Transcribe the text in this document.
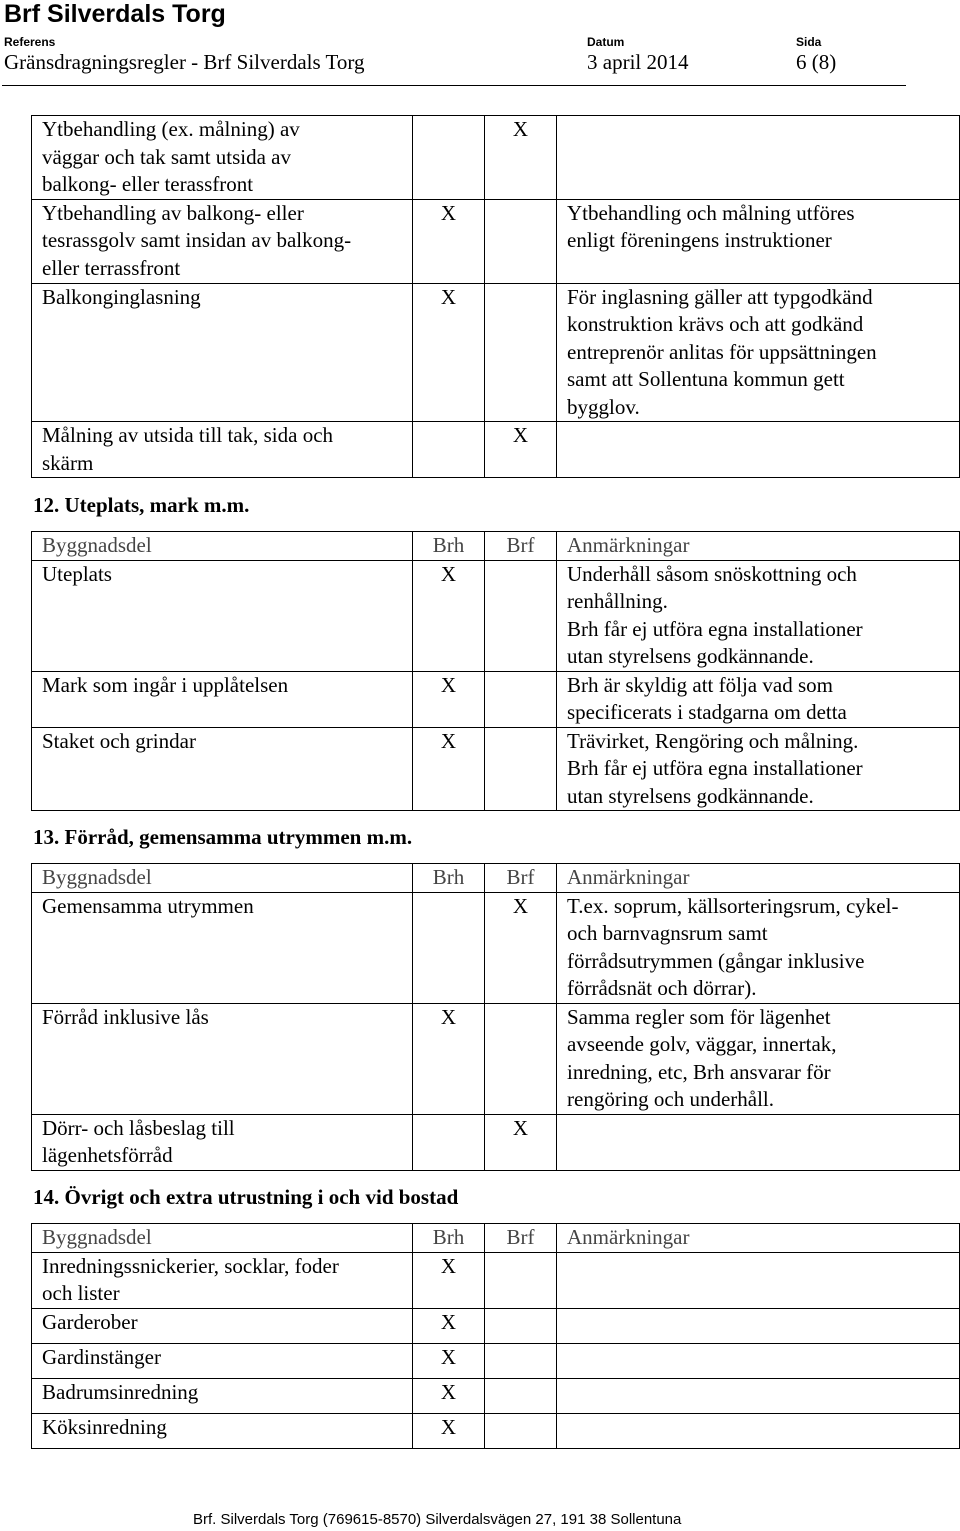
Brf Silverdals Torg
Referens	Datum	Sida
Gränsdragningsregler - Brf Silverdals Torg	3 april 2014	6 (8)
Ytbehandling (ex. målning) av
väggar och tak samt utsida av
balkong- eller terassfront		X	
Ytbehandling av balkong- eller
tesrassgolv samt insidan av balkong-
eller terrassfront	X		Ytbehandling och målning utföres
enligt föreningens instruktioner
Balkonginglasning	X		För inglasning gäller att typgodkänd
konstruktion krävs och att godkänd
entreprenör anlitas för uppsättningen
samt att Sollentuna kommun gett
bygglov.
Målning av utsida till tak, sida och
skärm		X	
12. Uteplats, mark m.m.
Byggnadsdel	Brh	Brf	Anmärkningar
Uteplats	X		Underhåll såsom snöskottning och
renhållning.
Brh får ej utföra egna installationer
utan styrelsens godkännande.
Mark som ingår i upplåtelsen	X		Brh är skyldig att följa vad som
specificerats i stadgarna om detta
Staket och grindar	X		Trävirket, Rengöring och målning.
Brh får ej utföra egna installationer
utan styrelsens godkännande.
13. Förråd, gemensamma utrymmen m.m.
Byggnadsdel	Brh	Brf	Anmärkningar
Gemensamma utrymmen		X	T.ex. soprum, källsorteringsrum, cykel-
och barnvagnsrum samt
förrådsutrymmen (gångar inklusive
förrådsnät och dörrar).
Förråd inklusive lås	X		Samma regler som för lägenhet
avseende golv, väggar, innertak,
inredning, etc, Brh ansvarar för
rengöring och underhåll.
Dörr- och låsbeslag till
lägenhetsförråd		X	
14. Övrigt och extra utrustning i och vid bostad
Byggnadsdel	Brh	Brf	Anmärkningar
Inredningssnickerier, socklar, foder
och lister	X		
Garderober	X		
Gardinstänger	X		
Badrumsinredning	X		
Köksinredning	X		
Brf. Silverdals Torg (769615-8570) Silverdalsvägen 27, 191 38 Sollentuna
